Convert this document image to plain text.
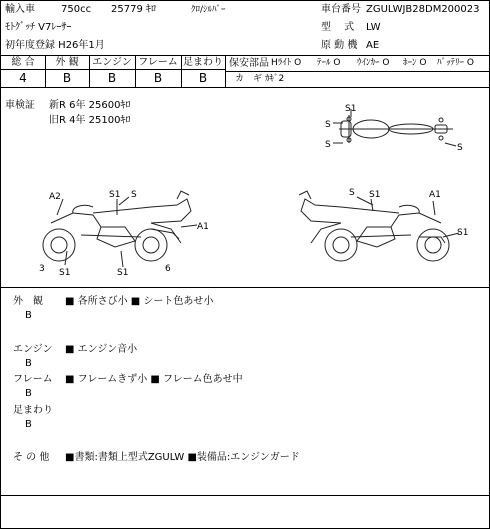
輸入車	750cc 25779 ｷﾛ	ｸﾛ/ｼﾙﾊﾞｰ	車台番号 ZGULWJB28DM200023
ﾓﾄｸﾞｯﾁ V7ﾚｰｻｰ	型　 式 LW
初年度登録 H26年1月	原 動 機 AE
総 合	外 観	エンジン フレーム 足まわり
4	B	B	B	B
保安部品 Hﾗｲﾄ O ﾃｰﾙ O ｳｲﾝｶｰ O ﾎｰﾝ O ﾊﾞｯﾃﾘｰ O
カ　ギ ｶｷﾞ2
車検証 新R 6年 25600ｷﾛ
旧R 4年 25100ｷﾛ
S1
S
S	S
A2	S1 S
A1
3 S1	S1	6
S S1	A1
S1
外　観
B
■ 各所さび小 ■ シート色あせ小
エンジン
B
■ エンジン音小
フレーム
B
■ フレームきず小 ■ フレーム色あせ中
足まわり
B
そ の 他 ■書類:書類上型式ZGULW ■装備品:エンジンガード
